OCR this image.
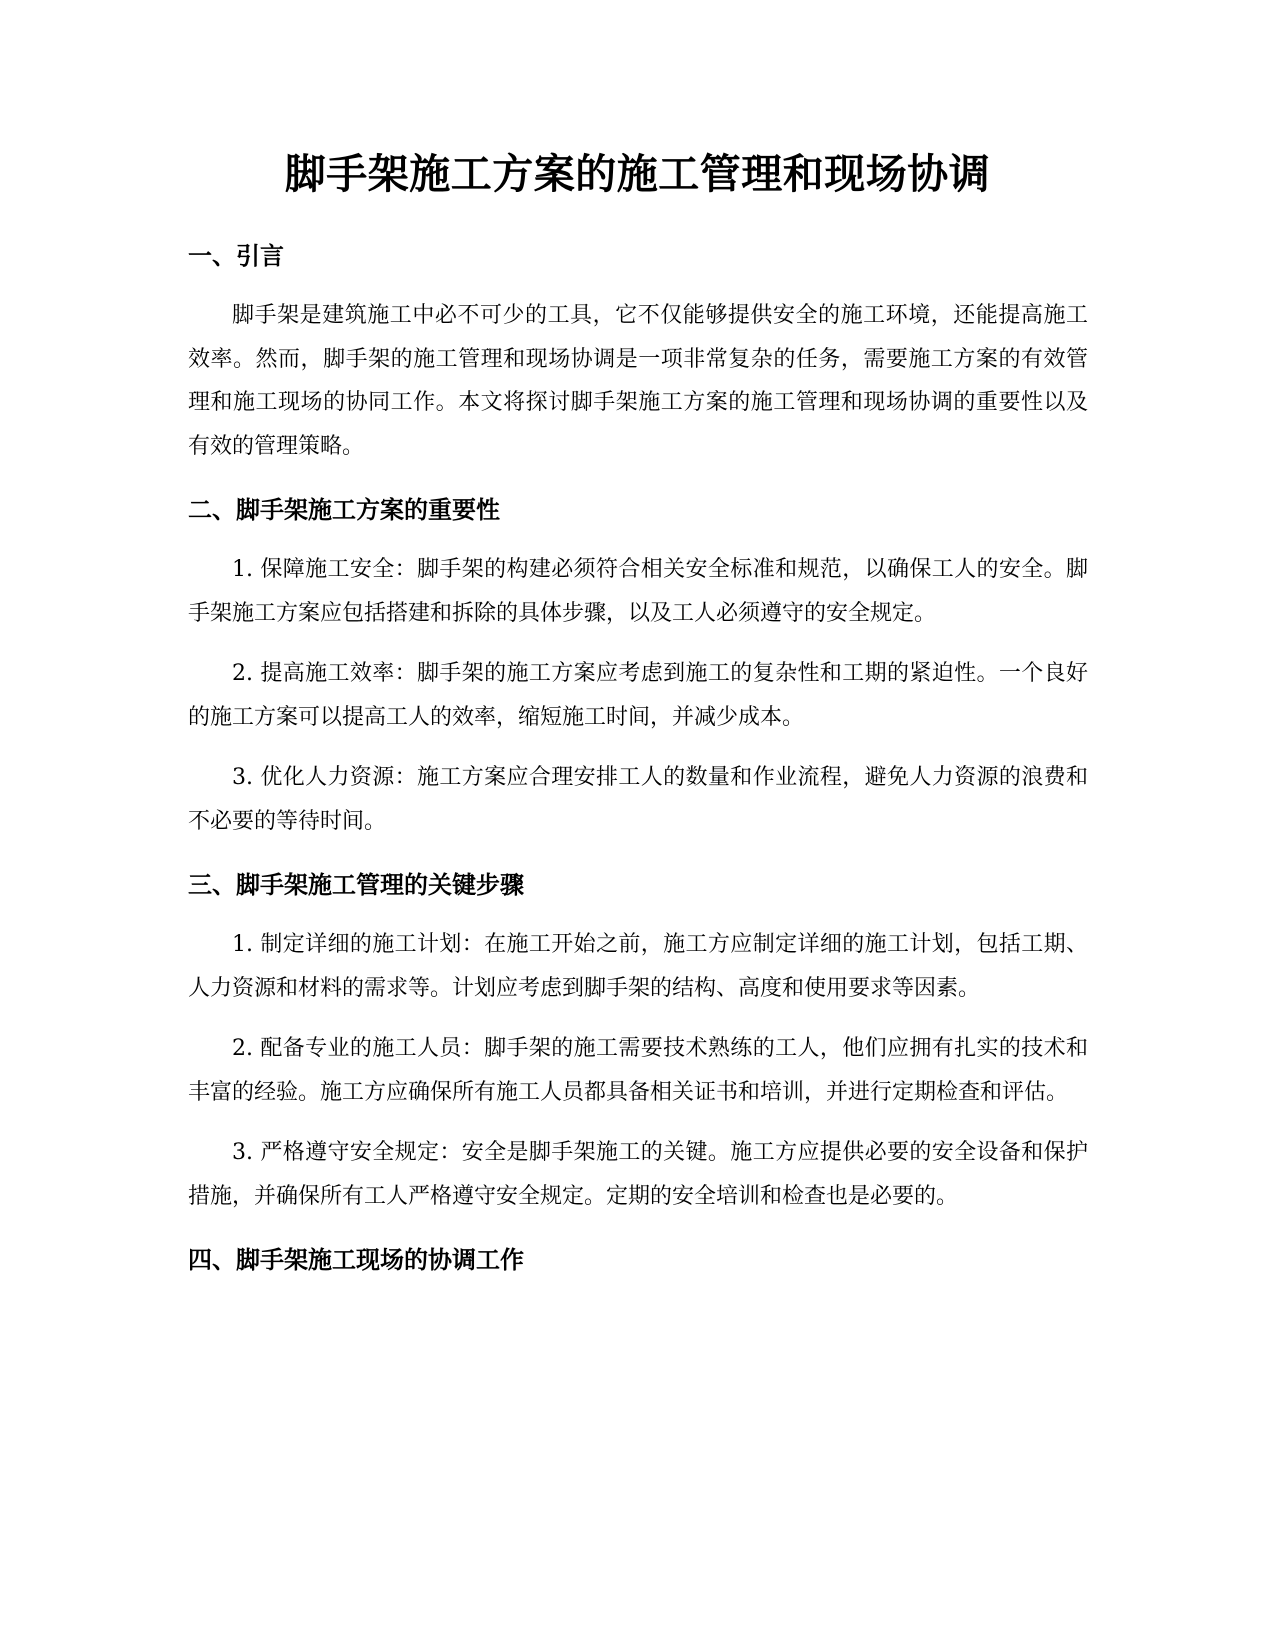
脚手架施工方案的施工管理和现场协调
一、引言

脚手架是建筑施工中必不可少的工具，它不仅能够提供安全的施工环境，还能提高施工效率。然而，脚手架的施工管理和现场协调是一项非常复杂的任务，需要施工方案的有效管理和施工现场的协同工作。本文将探讨脚手架施工方案的施工管理和现场协调的重要性以及有效的管理策略。

二、脚手架施工方案的重要性

1. 保障施工安全：脚手架的构建必须符合相关安全标准和规范，以确保工人的安全。脚手架施工方案应包括搭建和拆除的具体步骤，以及工人必须遵守的安全规定。

2. 提高施工效率：脚手架的施工方案应考虑到施工的复杂性和工期的紧迫性。一个良好的施工方案可以提高工人的效率，缩短施工时间，并减少成本。

3. 优化人力资源：施工方案应合理安排工人的数量和作业流程，避免人力资源的浪费和不必要的等待时间。

三、脚手架施工管理的关键步骤

1. 制定详细的施工计划：在施工开始之前，施工方应制定详细的施工计划，包括工期、人力资源和材料的需求等。计划应考虑到脚手架的结构、高度和使用要求等因素。

2. 配备专业的施工人员：脚手架的施工需要技术熟练的工人，他们应拥有扎实的技术和丰富的经验。施工方应确保所有施工人员都具备相关证书和培训，并进行定期检查和评估。

3. 严格遵守安全规定：安全是脚手架施工的关键。施工方应提供必要的安全设备和保护措施，并确保所有工人严格遵守安全规定。定期的安全培训和检查也是必要的。

四、脚手架施工现场的协调工作
